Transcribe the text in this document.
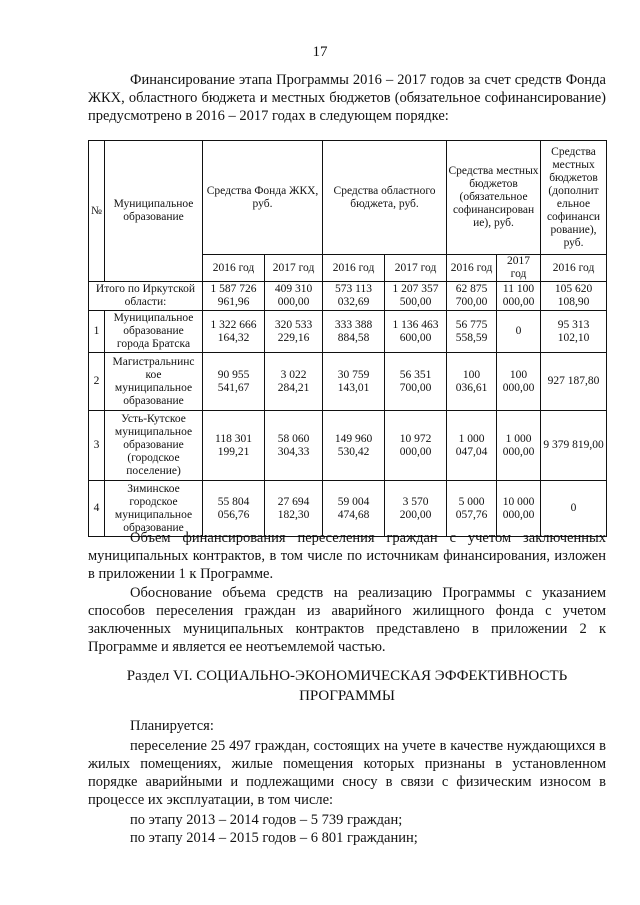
17

Финансирование этапа Программы 2016 – 2017 годов за счет средств Фонда ЖКХ, областного бюджета и местных бюджетов (обязательное софинансирование) предусмотрено в 2016 – 2017 годах в следующем порядке:

№	Муниципальное образование	Средства Фонда ЖКХ, руб.		Средства областного бюджета, руб.		Средства местных бюджетов (обязательное софинансирован ие), руб.		Средства местных бюджетов (дополнит ельное софинанси рование), руб.
		2016 год	2017 год	2016 год	2017 год	2016 год	2017 год	2016 год
Итого по Иркутской области:		1 587 726 961,96	409 310 000,00	573 113 032,69	1 207 357 500,00	62 875 700,00	11 100 000,00	105 620 108,90
1	Муниципальное образование города Братска	1 322 666 164,32	320 533 229,16	333 388 884,58	1 136 463 600,00	56 775 558,59	0	95 313 102,10
2	Магистральнинс кое муниципальное образование	90 955 541,67	3 022 284,21	30 759 143,01	56 351 700,00	100 036,61	100 000,00	927 187,80
3	Усть-Кутское муниципальное образование (городское поселение)	118 301 199,21	58 060 304,33	149 960 530,42	10 972 000,00	1 000 047,04	1 000 000,00	9 379 819,00
4	Зиминское городское муниципальное образование	55 804 056,76	27 694 182,30	59 004 474,68	3 570 200,00	5 000 057,76	10 000 000,00	0

Объем финансирования переселения граждан с учетом заключенных муниципальных контрактов, в том числе по источникам финансирования, изложен в приложении 1 к Программе.

Обоснование объема средств на реализацию Программы с указанием способов переселения граждан из аварийного жилищного фонда с учетом заключенных муниципальных контрактов представлено в приложении 2 к Программе и является ее неотъемлемой частью.

Раздел VI. СОЦИАЛЬНО-ЭКОНОМИЧЕСКАЯ ЭФФЕКТИВНОСТЬ
ПРОГРАММЫ

Планируется:

переселение 25 497 граждан, состоящих на учете в качестве нуждающихся в жилых помещениях, жилые помещения которых признаны в установленном порядке аварийными и подлежащими сносу в связи с физическим износом в процессе их эксплуатации, в том числе:

по этапу 2013 – 2014 годов – 5 739 граждан;

по этапу 2014 – 2015 годов – 6 801 гражданин;
